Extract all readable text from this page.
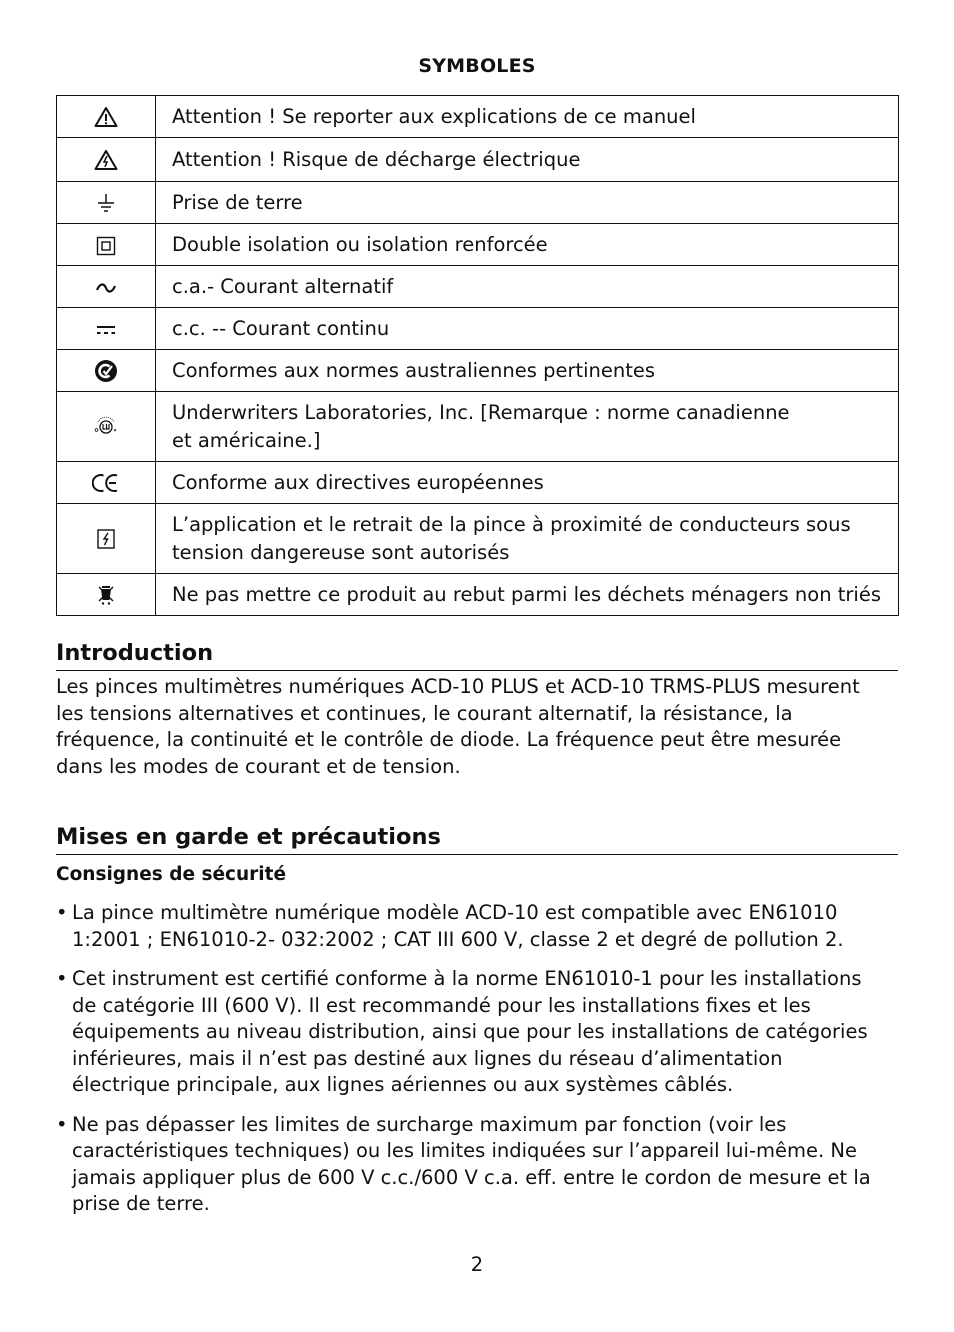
SYMBOLES
	Attention ! Se reporter aux explications de ce manuel
	Attention ! Risque de décharge électrique
	Prise de terre
	Double isolation ou isolation renforcée
	c.a.- Courant alternatif
	c.c. -- Courant continu
	Conformes aux normes australiennes pertinentes

Underwriters Laboratories, Inc. [Remarque : norme canadienne
et américaine.]

	Conforme aux directives européennes

L’application et le retrait de la pince à proximité de conducteurs sous
tension dangereuse sont autorisés

	Ne pas mettre ce produit au rebut parmi les déchets ménagers non triés
Introduction
Les pinces multimètres numériques ACD-10 PLUS et ACD-10 TRMS-PLUS mesurent
les tensions alternatives et continues, le courant alternatif, la résistance, la
fréquence, la continuité et le contrôle de diode. La fréquence peut être mesurée
dans les modes de courant et de tension.
Mises en garde et précautions
Consignes de sécurité
• La pince multimètre numérique modèle ACD-10 est compatible avec EN61010
1:2001 ; EN61010-2- 032:2002 ; CAT III 600 V, classe 2 et degré de pollution 2.
• Cet instrument est certifié conforme à la norme EN61010-1 pour les installations
de catégorie III (600 V). Il est recommandé pour les installations fixes et les
équipements au niveau distribution, ainsi que pour les installations de catégories
inférieures, mais il n’est pas destiné aux lignes du réseau d’alimentation
électrique principale, aux lignes aériennes ou aux systèmes câblés.
• Ne pas dépasser les limites de surcharge maximum par fonction (voir les
caractéristiques techniques) ou les limites indiquées sur l’appareil lui-même. Ne
jamais appliquer plus de 600 V c.c./600 V c.a. eff. entre le cordon de mesure et la
prise de terre.
2
